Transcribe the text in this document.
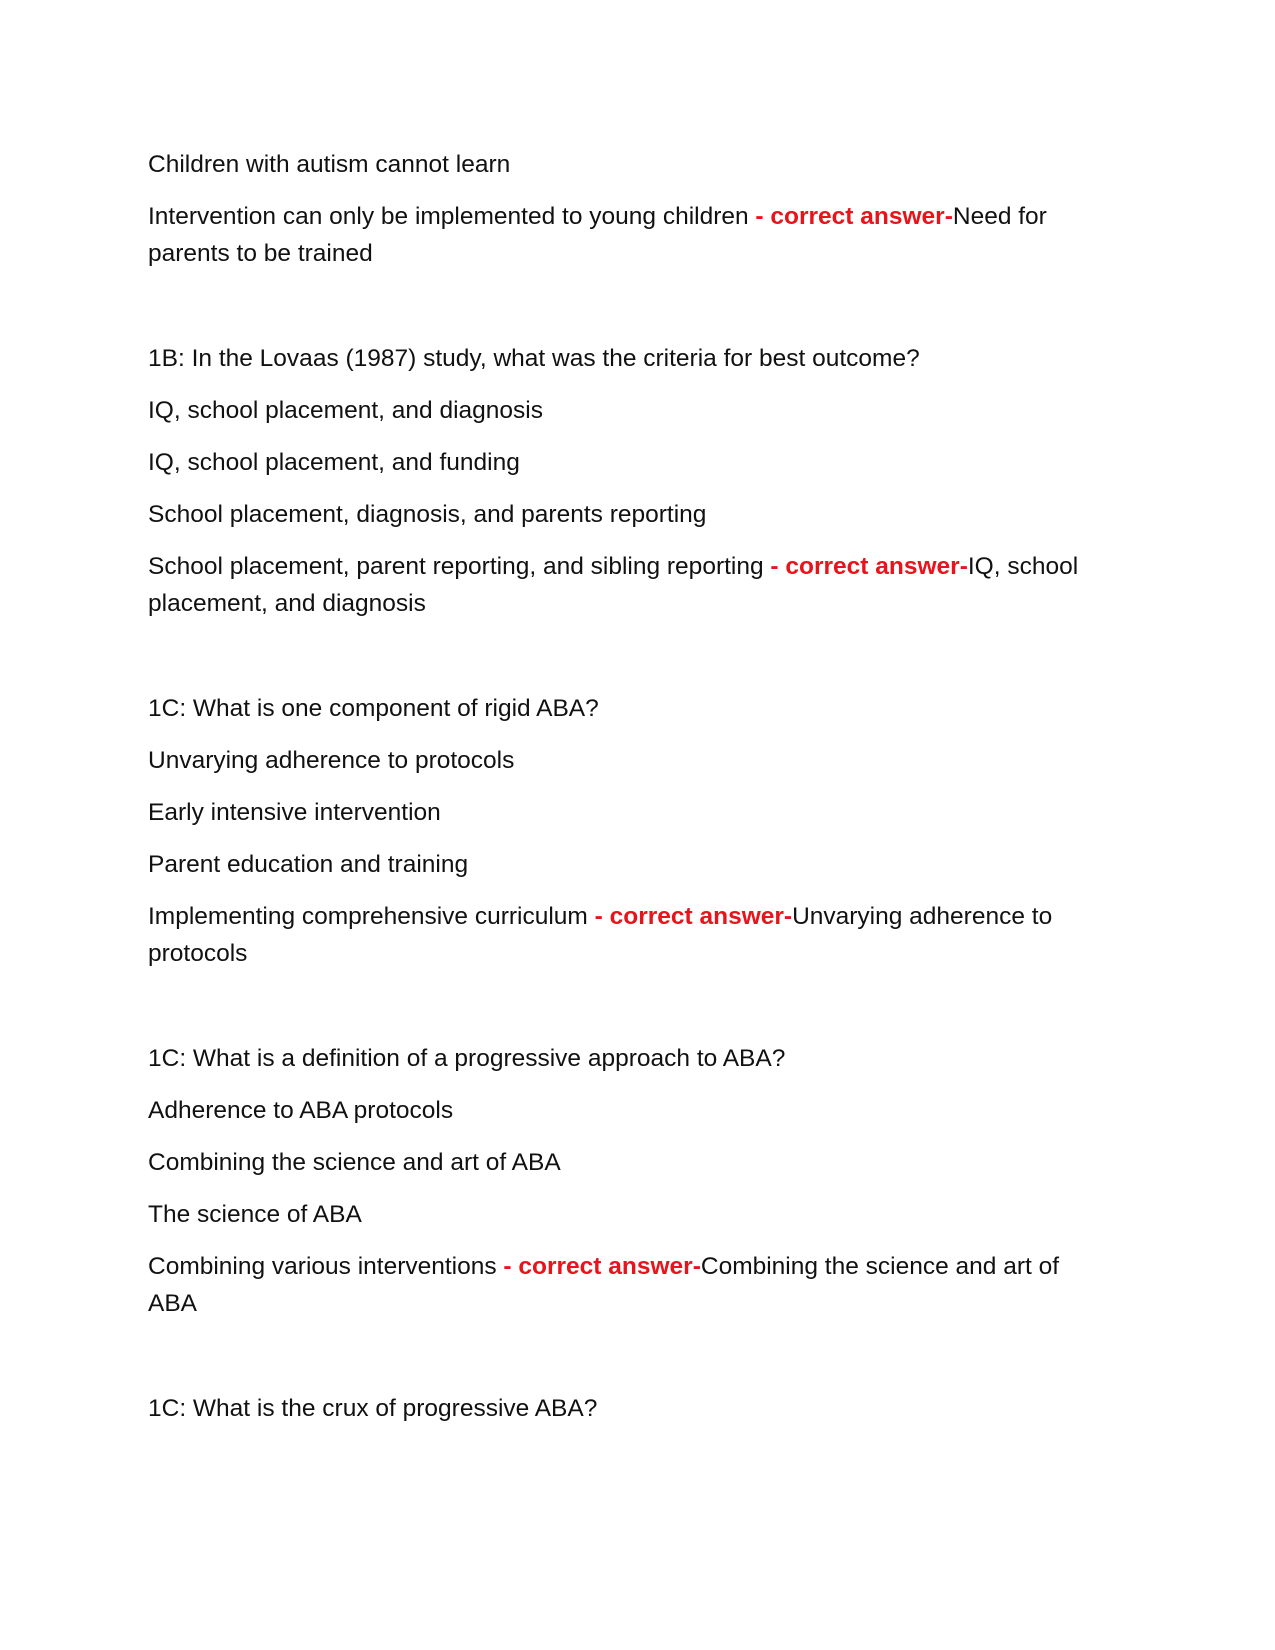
Children with autism cannot learn

Intervention can only be implemented to young children - correct answer-Need for parents to be trained

1B: In the Lovaas (1987) study, what was the criteria for best outcome?

IQ, school placement, and diagnosis

IQ, school placement, and funding

School placement, diagnosis, and parents reporting

School placement, parent reporting, and sibling reporting - correct answer-IQ, school placement, and diagnosis

1C: What is one component of rigid ABA?

Unvarying adherence to protocols

Early intensive intervention

Parent education and training

Implementing comprehensive curriculum - correct answer-Unvarying adherence to protocols

1C: What is a definition of a progressive approach to ABA?

Adherence to ABA protocols

Combining the science and art of ABA

The science of ABA

Combining various interventions - correct answer-Combining the science and art of ABA

1C: What is the crux of progressive ABA?
